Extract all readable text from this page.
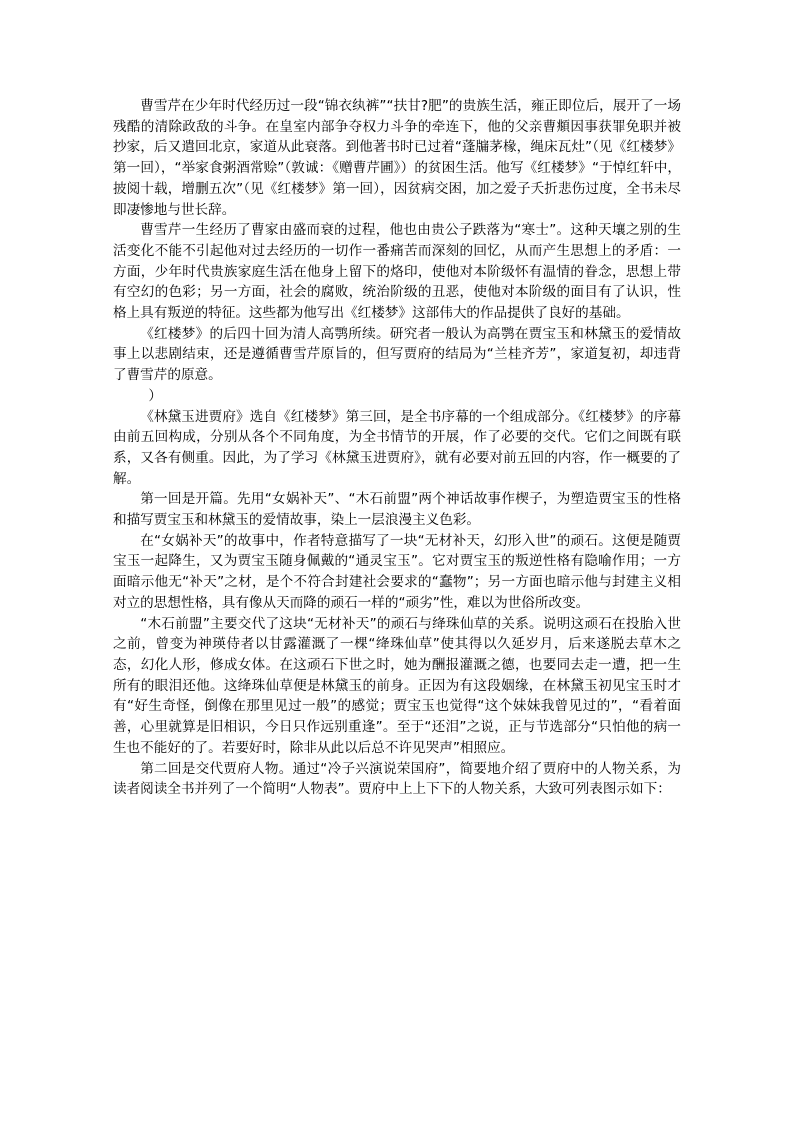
曹雪芹在少年时代经历过一段“锦衣纨裤”“扶甘?肥”的贵族生活，雍正即位后，展开了一场残酷的清除政敌的斗争。在皇室内部争夺权力斗争的牵连下，他的父亲曹頫因事获罪免职并被抄家，后又遣回北京，家道从此衰落。到他著书时已过着“蓬牖茅椽，绳床瓦灶”（见《红楼梦》第一回），“举家食粥酒常赊”（敦诚：《赠曹芹圃》）的贫困生活。他写《红楼梦》“于悼红轩中，披阅十载，增删五次”（见《红楼梦》第一回），因贫病交困，加之爱子夭折悲伤过度，全书未尽即凄惨地与世长辞。

曹雪芹一生经历了曹家由盛而衰的过程，他也由贵公子跌落为“寒士”。这种天壤之别的生活变化不能不引起他对过去经历的一切作一番痛苦而深刻的回忆，从而产生思想上的矛盾：一方面，少年时代贵族家庭生活在他身上留下的烙印，使他对本阶级怀有温情的眷念，思想上带有空幻的色彩；另一方面，社会的腐败，统治阶级的丑恶，使他对本阶级的面目有了认识，性格上具有叛逆的特征。这些都为他写出《红楼梦》这部伟大的作品提供了良好的基础。

《红楼梦》的后四十回为清人高鹗所续。研究者一般认为高鹗在贾宝玉和林黛玉的爱情故事上以悲剧结束，还是遵循曹雪芹原旨的，但写贾府的结局为“兰桂齐芳”，家道复初，却违背了曹雪芹的原意。

）

《林黛玉进贾府》选自《红楼梦》第三回，是全书序幕的一个组成部分。《红楼梦》的序幕由前五回构成，分别从各个不同角度，为全书情节的开展，作了必要的交代。它们之间既有联系，又各有侧重。因此，为了学习《林黛玉进贾府》，就有必要对前五回的内容，作一概要的了解。

第一回是开篇。先用“女娲补天”、“木石前盟”两个神话故事作楔子，为塑造贾宝玉的性格和描写贾宝玉和林黛玉的爱情故事，染上一层浪漫主义色彩。

在“女娲补天”的故事中，作者特意描写了一块“无材补天，幻形入世”的顽石。这便是随贾宝玉一起降生，又为贾宝玉随身佩戴的“通灵宝玉”。它对贾宝玉的叛逆性格有隐喻作用；一方面暗示他无“补天”之材，是个不符合封建社会要求的“蠢物”；另一方面也暗示他与封建主义相对立的思想性格，具有像从天而降的顽石一样的“顽劣”性，难以为世俗所改变。

“木石前盟”主要交代了这块“无材补天”的顽石与绛珠仙草的关系。说明这顽石在投胎入世之前，曾变为神瑛侍者以甘露灌溉了一棵“绛珠仙草”使其得以久延岁月，后来遂脱去草木之态，幻化人形，修成女体。在这顽石下世之时，她为酬报灌溉之德，也要同去走一遭，把一生所有的眼泪还他。这绛珠仙草便是林黛玉的前身。正因为有这段姻缘，在林黛玉初见宝玉时才有“好生奇怪，倒像在那里见过一般”的感觉；贾宝玉也觉得“这个妹妹我曾见过的”，“看着面善，心里就算是旧相识，今日只作远别重逢”。至于“还泪”之说，正与节选部分“只怕他的病一生也不能好的了。若要好时，除非从此以后总不许见哭声”相照应。

第二回是交代贾府人物。通过“冷子兴演说荣国府”，简要地介绍了贾府中的人物关系，为读者阅读全书并列了一个简明“人物表”。贾府中上上下下的人物关系，大致可列表图示如下：
